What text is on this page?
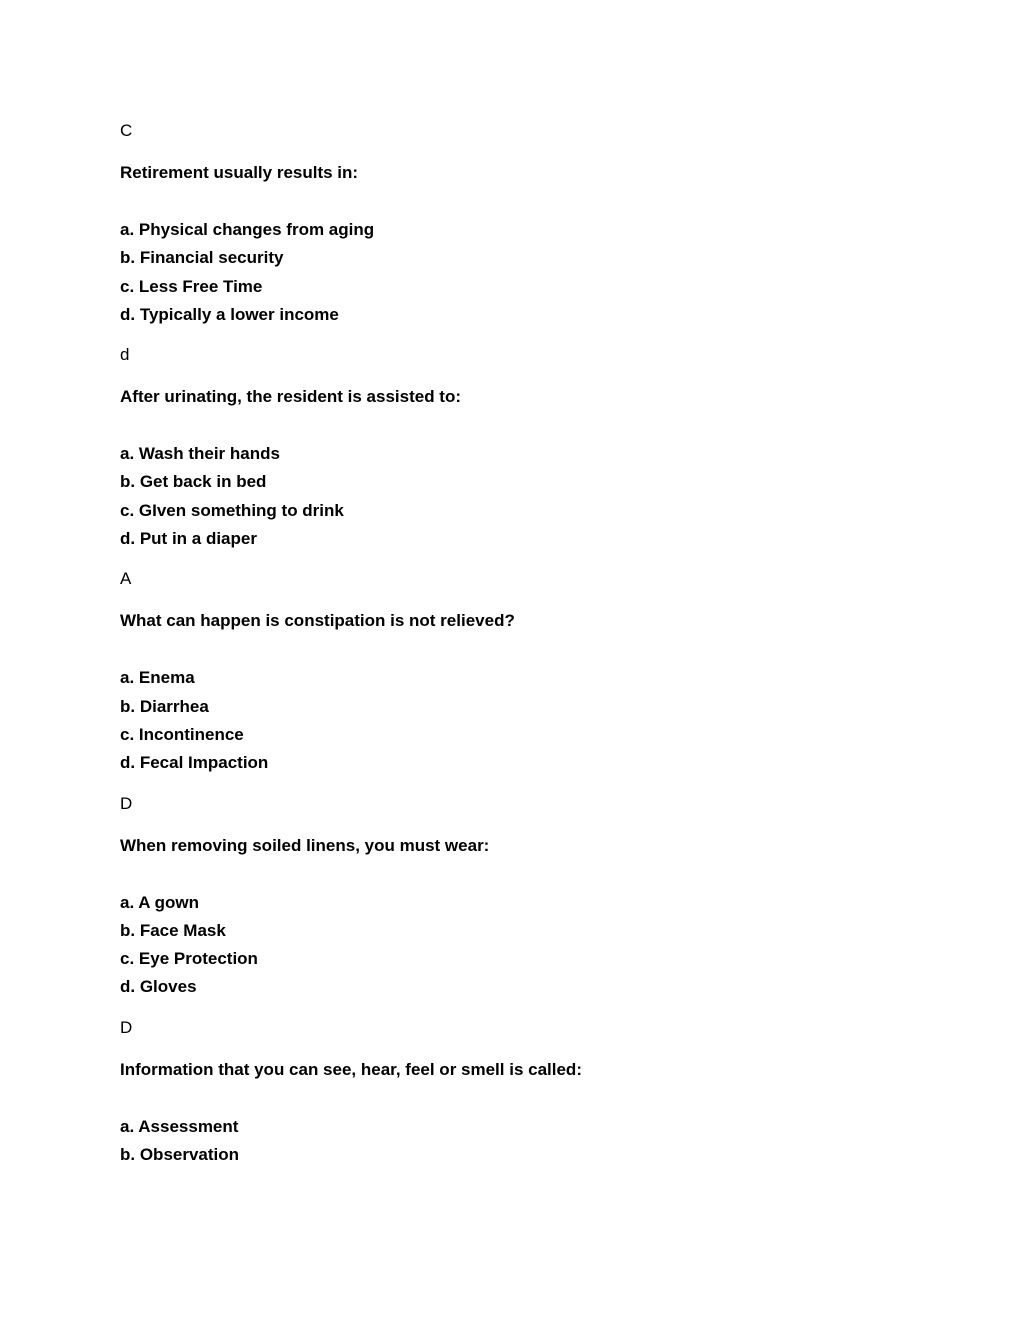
C
Retirement usually results in:
a. Physical changes from aging
b. Financial security
c. Less Free Time
d. Typically a lower income
d
After urinating, the resident is assisted to:
a. Wash their hands
b. Get back in bed
c. GIven something to drink
d. Put in a diaper
A
What can happen is constipation is not relieved?
a. Enema
b. Diarrhea
c. Incontinence
d. Fecal Impaction
D
When removing soiled linens, you must wear:
a. A gown
b. Face Mask
c. Eye Protection
d. Gloves
D
Information that you can see, hear, feel or smell is called:
a. Assessment
b. Observation
